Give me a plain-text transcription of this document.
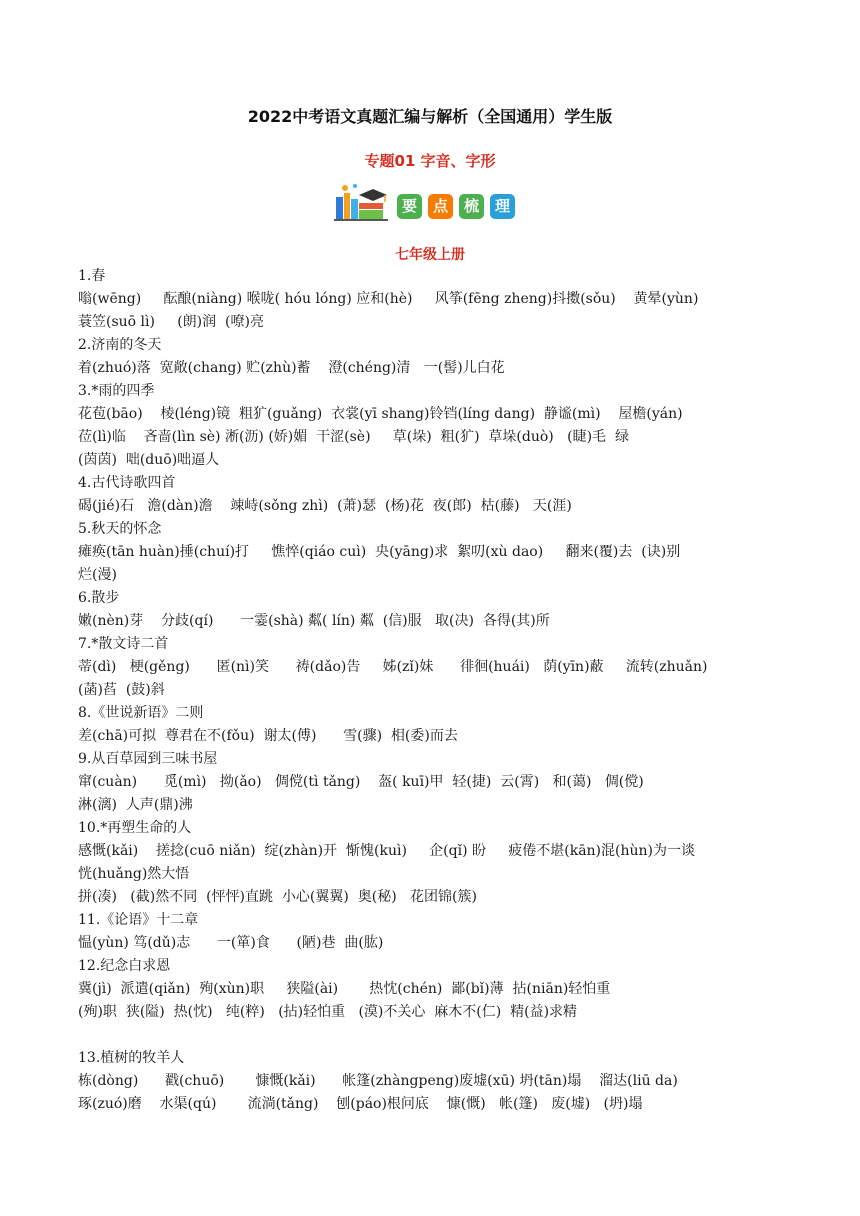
2022中考语文真题汇编与解析（全国通用）学生版
专题01 字音、字形
要	点	梳	理
七年级上册
1.春
嗡(wēng)     酝酿(niàng) 喉咙( hóu lóng) 应和(hè)     风筝(fēng zheng)抖擞(sǒu)    黄晕(yùn)
蓑笠(suō lì)     (朗)润  (嘹)亮
2.济南的冬天
着(zhuó)落  宽敞(chang) 贮(zhù)蓄    澄(chéng)清   一(髻)儿白花
3.*雨的四季
花苞(bāo)    棱(léng)镜  粗犷(guǎng)  衣裳(yī shang)铃铛(líng dang)  静谧(mì)    屋檐(yán)
莅(lì)临    吝啬(lìn sè) 淅(沥) (娇)媚  干涩(sè)     草(垛)  粗(犷)  草垛(duò)   (睫)毛  绿
(茵茵)  咄(duō)咄逼人
4.古代诗歌四首
碣(jié)石   澹(dàn)澹    竦峙(sǒng zhì)  (萧)瑟  (杨)花  夜(郎)  枯(藤)   天(涯)
5.秋天的怀念
瘫痪(tān huàn)捶(chuí)打     憔悴(qiáo cuì)  央(yāng)求  絮叨(xù dao)     翻来(覆)去  (诀)别
烂(漫)
6.散步
嫩(nèn)芽    分歧(qí)      一霎(shà) 粼( lín) 粼  (信)服   取(决)  各得(其)所
7.*散文诗二首
蒂(dì)   梗(gěng)      匿(nì)笑      祷(dǎo)告     姊(zǐ)妹      徘徊(huái)   荫(yīn)蔽     流转(zhuǎn)
(菡)萏  (鼓)斜
8.《世说新语》二则
差(chā)可拟  尊君在不(fǒu)  谢太(傅)      雪(骤)  相(委)而去
9.从百草园到三味书屋
窜(cuàn)      觅(mì)   拗(ǎo)   倜傥(tì tǎng)    盔( kuī)甲  轻(捷)  云(霄)   和(蔼)   倜(傥)
淋(漓)  人声(鼎)沸
10.*再塑生命的人
感慨(kǎi)    搓捻(cuō niǎn)  绽(zhàn)开  惭愧(kuì)     企(qǐ) 盼     疲倦不堪(kān)混(hùn)为一谈
恍(huǎng)然大悟
拼(凑)   (截)然不同  (怦怦)直跳  小心(翼翼)  奥(秘)   花团锦(簇)
11.《论语》十二章
愠(yùn) 笃(dǔ)志      一(箪)食      (陋)巷  曲(肱)
12.纪念白求恩
冀(jì)  派遣(qiǎn)  殉(xùn)职     狭隘(ài)       热忱(chén)  鄙(bǐ)薄  拈(niān)轻怕重
(殉)职  狭(隘)  热(忱)   纯(粹)   (拈)轻怕重   (漠)不关心  麻木不(仁)  精(益)求精
13.植树的牧羊人
栋(dòng)      戳(chuō)       慷慨(kǎi)      帐篷(zhàngpeng)废墟(xū) 坍(tān)塌    溜达(liū da)
琢(zuó)磨    水渠(qú)       流淌(tǎng)    刨(páo)根问底    慷(慨)   帐(篷)   废(墟)   (坍)塌
